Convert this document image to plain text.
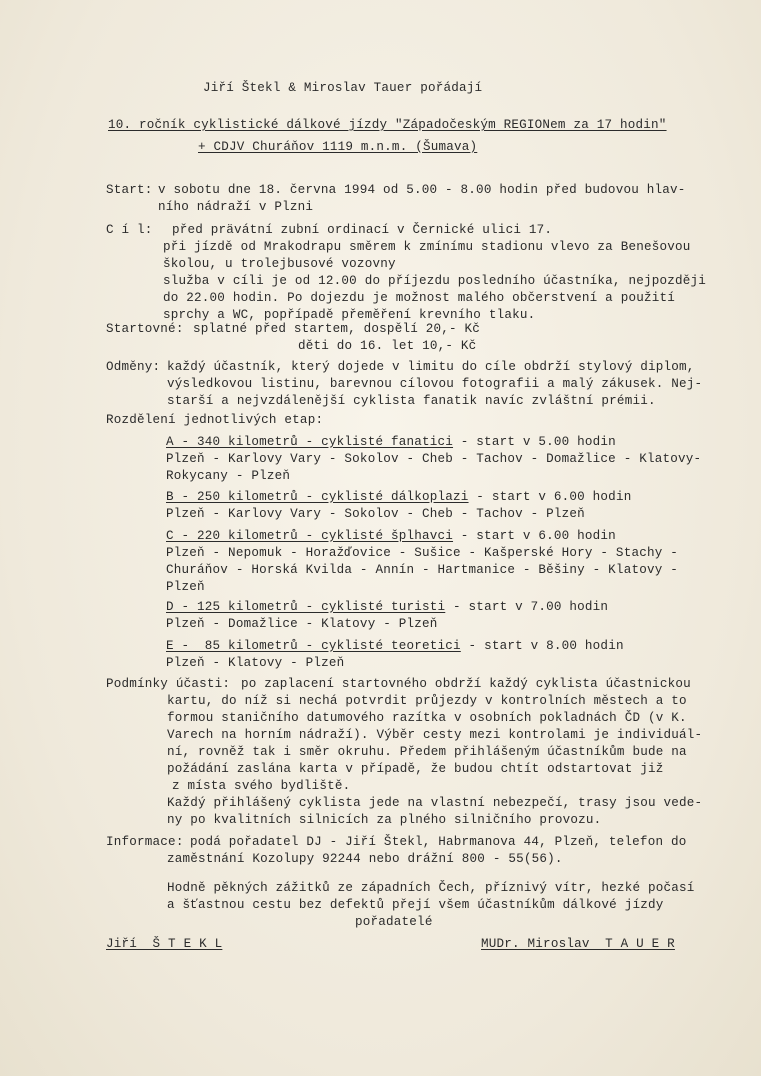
Jiří Štekl & Miroslav Tauer pořádají
10. ročník cyklistické dálkové jízdy "Západočeským REGIONem za 17 hodin"
+ CDJV Churáňov 1119 m.n.m. (Šumava)
Start: v sobotu dne 18. června 1994 od 5.00 - 8.00 hodin před budovou hlav-
ního nádraží v Plzni
C í l: před prävátní zubní ordinací v Černické ulici 17.
při jízdě od Mrakodrapu směrem k zmínímu stadionu vlevo za Benešovou
školou, u trolejbusové vozovny
služba v cíli je od 12.00 do příjezdu posledního účastníka, nejpozději
do 22.00 hodin. Po dojezdu je možnost malého občerstvení a použití
sprchy a WC, popřípadě přeměření krevního tlaku.
Startovné: splatné před startem, dospělí 20,- Kč
děti do 16. let 10,- Kč
Odměny: každý účastník, který dojede v limitu do cíle obdrží stylový diplom,
výsledkovou listinu, barevnou cílovou fotografii a malý zákusek. Nej-
starší a nejvzdálenější cyklista fanatik navíc zvláštní prémii.
Rozdělení jednotlivých etap:
A - 340 kilometrů - cyklisté fanatici - start v 5.00 hodin
Plzeň - Karlovy Vary - Sokolov - Cheb - Tachov - Domažlice - Klatovy-
Rokycany - Plzeň
B - 250 kilometrů - cyklisté dálkoplazi - start v 6.00 hodin
Plzeň - Karlovy Vary - Sokolov - Cheb - Tachov - Plzeň
C - 220 kilometrů - cyklisté šplhavci - start v 6.00 hodin
Plzeň - Nepomuk - Horažďovice - Sušice - Kašperské Hory - Stachy -
Churáňov - Horská Kvilda - Annín - Hartmanice - Běšiny - Klatovy -
Plzeň
D - 125 kilometrů - cyklisté turisti - start v 7.00 hodin
Plzeň - Domažlice - Klatovy - Plzeň
E -  85 kilometrů - cyklisté teoretici - start v 8.00 hodin
Plzeň - Klatovy - Plzeň
Podmínky účasti: po zaplacení startovného obdrží každý cyklista účastnickou
kartu, do níž si nechá potvrdit průjezdy v kontrolních městech a to
formou staničního datumového razítka v osobních pokladnách ČD (v K.
Varech na horním nádraží). Výběr cesty mezi kontrolami je individuál-
ní, rovněž tak i směr okruhu. Předem přihlášeným účastníkům bude na
požádání zaslána karta v případě, že budou chtít odstartovat již
z místa svého bydliště.
Každý přihlášený cyklista jede na vlastní nebezpečí, trasy jsou vede-
ny po kvalitních silnicích za plného silničního provozu.
Informace: podá pořadatel DJ - Jiří Štekl, Habrmanova 44, Plzeň, telefon do
zaměstnání Kozolupy 92244 nebo drážní 800 - 55(56).
Hodně pěkných zážitků ze západních Čech, příznivý vítr, hezké počasí
a šťastnou cestu bez defektů přejí všem účastníkům dálkové jízdy
pořadatelé
Jiří  Š T E K L	MUDr. Miroslav  T A U E R
